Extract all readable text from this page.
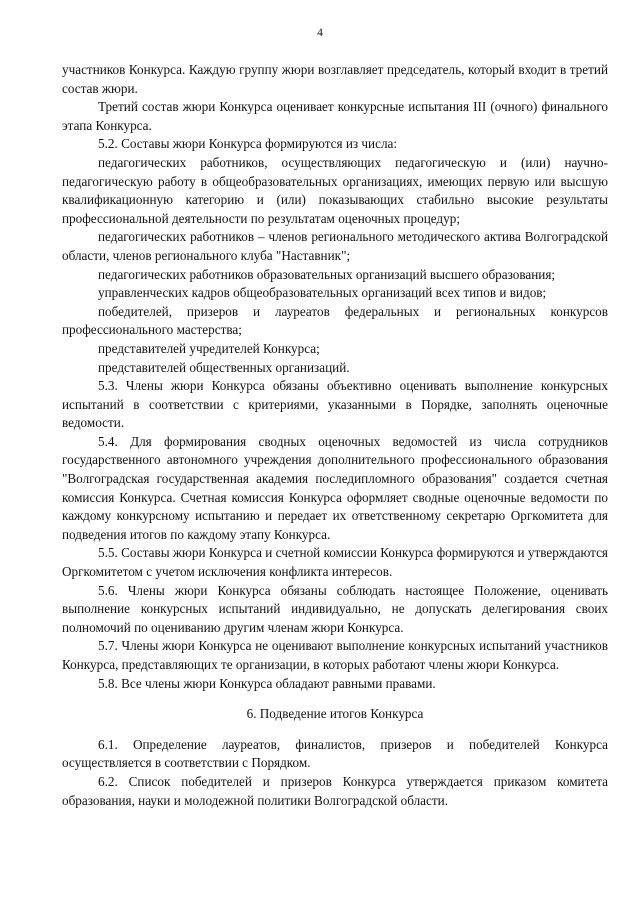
4

участников Конкурса. Каждую группу жюри возглавляет председатель, который входит в третий состав жюри.

Третий состав жюри Конкурса оценивает конкурсные испытания III (очного) финального этапа Конкурса.

5.2. Составы жюри Конкурса формируются из числа:

педагогических работников, осуществляющих педагогическую и (или) научно-педагогическую работу в общеобразовательных организациях, имеющих первую или высшую квалификационную категорию и (или) показывающих стабильно высокие результаты профессиональной деятельности по результатам оценочных процедур;

педагогических работников – членов регионального методического актива Волгоградской области, членов регионального клуба "Наставник";

педагогических работников образовательных организаций высшего образования;

управленческих кадров общеобразовательных организаций всех типов и видов;

победителей, призеров и лауреатов федеральных и региональных конкурсов профессионального мастерства;

представителей учредителей Конкурса;

представителей общественных организаций.

5.3. Члены жюри Конкурса обязаны объективно оценивать выполнение конкурсных испытаний в соответствии с критериями, указанными в Порядке, заполнять оценочные ведомости.

5.4. Для формирования сводных оценочных ведомостей из числа сотрудников государственного автономного учреждения дополнительного профессионального образования "Волгоградская государственная академия последипломного образования" создается счетная комиссия Конкурса. Счетная комиссия Конкурса оформляет сводные оценочные ведомости по каждому конкурсному испытанию и передает их ответственному секретарю Оргкомитета для подведения итогов по каждому этапу Конкурса.

5.5. Составы жюри Конкурса и счетной комиссии Конкурса формируются и утверждаются Оргкомитетом с учетом исключения конфликта интересов.

5.6. Члены жюри Конкурса обязаны соблюдать настоящее Положение, оценивать выполнение конкурсных испытаний индивидуально, не допускать делегирования своих полномочий по оцениванию другим членам жюри Конкурса.

5.7. Члены жюри Конкурса не оценивают выполнение конкурсных испытаний участников Конкурса, представляющих те организации, в которых работают члены жюри Конкурса.

5.8. Все члены жюри Конкурса обладают равными правами.

6. Подведение итогов Конкурса

6.1. Определение лауреатов, финалистов, призеров и победителей Конкурса осуществляется в соответствии с Порядком.

6.2. Список победителей и призеров Конкурса утверждается приказом комитета образования, науки и молодежной политики Волгоградской области.
